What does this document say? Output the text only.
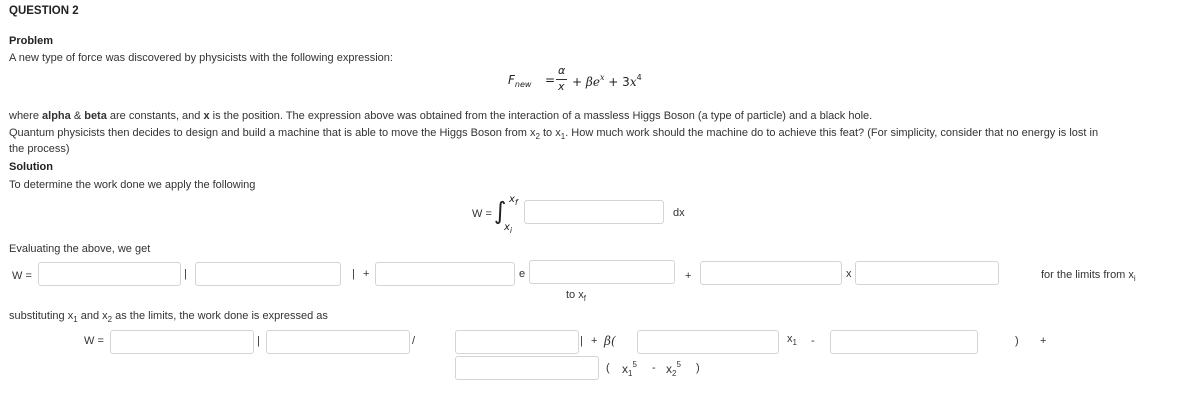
QUESTION 2
Problem
A new type of force was discovered by physicists with the following expression:
$F_{new}$ =
α
$x + \beta e^x + 3x^4$
where alpha & beta are constants, and x is the position. The expression above was obtained from the interaction of a massless Higgs Boson (a type of particle) and a black hole.
Quantum physicists then decides to design and build a machine that is able to move the Higgs Boson from $x_2$ to $x_1$. How much work should the machine do to achieve this feat? (For simplicity, consider that no energy is lost in
the process)
Solution
To determine the work done we apply the following
W = ∫ $x_f$
$x_i$
dx
Evaluating the above, we get
W =	|	| +	e	+	x	for the limits from $x_i$
to $x_f$
substituting $x_1$ and $x_2$ as the limits, the work done is expressed as
W =	|	/	| + β(	$x_1$ -	) +
( $x_1^5 - x_2^5$ )
